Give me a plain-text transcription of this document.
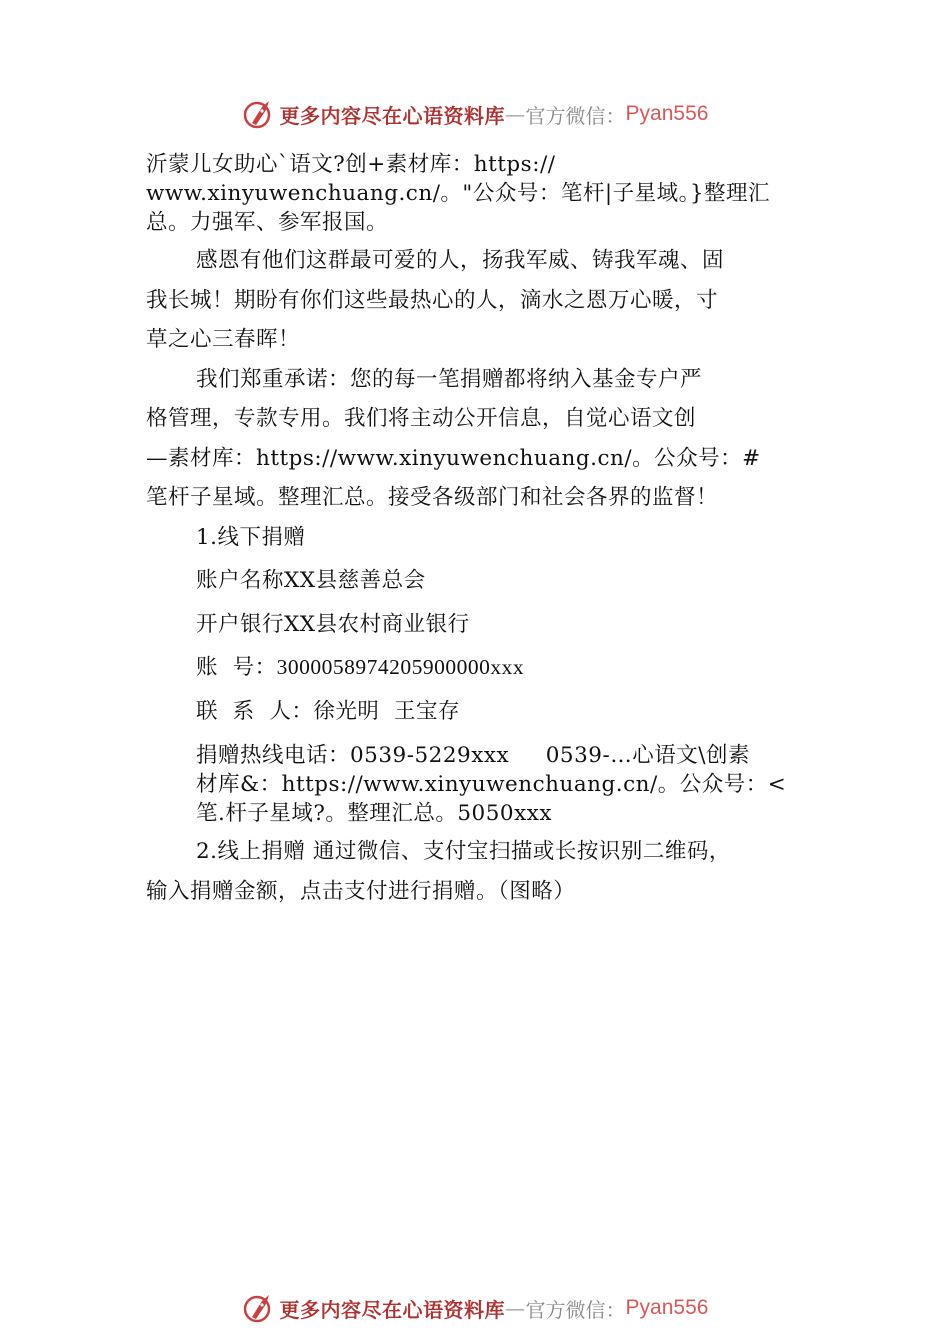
更多内容尽在心语资料库 — 官方微信： Pyan556
沂蒙儿女助心`语文?创+素材库：https://
www.xinyuwenchuang.cn/。"公众号：笔杆|子星域。}整理汇
总。力强军、参军报国。
感恩有他们这群最可爱的人，扬我军威、铸我军魂、固
我长城！期盼有你们这些最热心的人，滴水之恩万心暖，寸
草之心三春晖！
我们郑重承诺：您的每一笔捐赠都将纳入基金专户严
格管理，专款专用。我们将主动公开信息，自觉心语文创
—素材库：https://www.xinyuwenchuang.cn/。公众号：#
笔杆子星域。整理汇总。接受各级部门和社会各界的监督！
1.线下捐赠
账户名称XX县慈善总会
开户银行XX县农村商业银行
账  号：3000058974205900000xxx
联  系  人：徐光明  王宝存
捐赠热线电话：0539-5229xxx     0539-…心语文\创素
材库&：https://www.xinyuwenchuang.cn/。公众号：<
笔.杆子星域?。整理汇总。5050xxx
2.线上捐赠 通过微信、支付宝扫描或长按识别二维码，
输入捐赠金额，点击支付进行捐赠。（图略）
更多内容尽在心语资料库 — 官方微信： Pyan556
